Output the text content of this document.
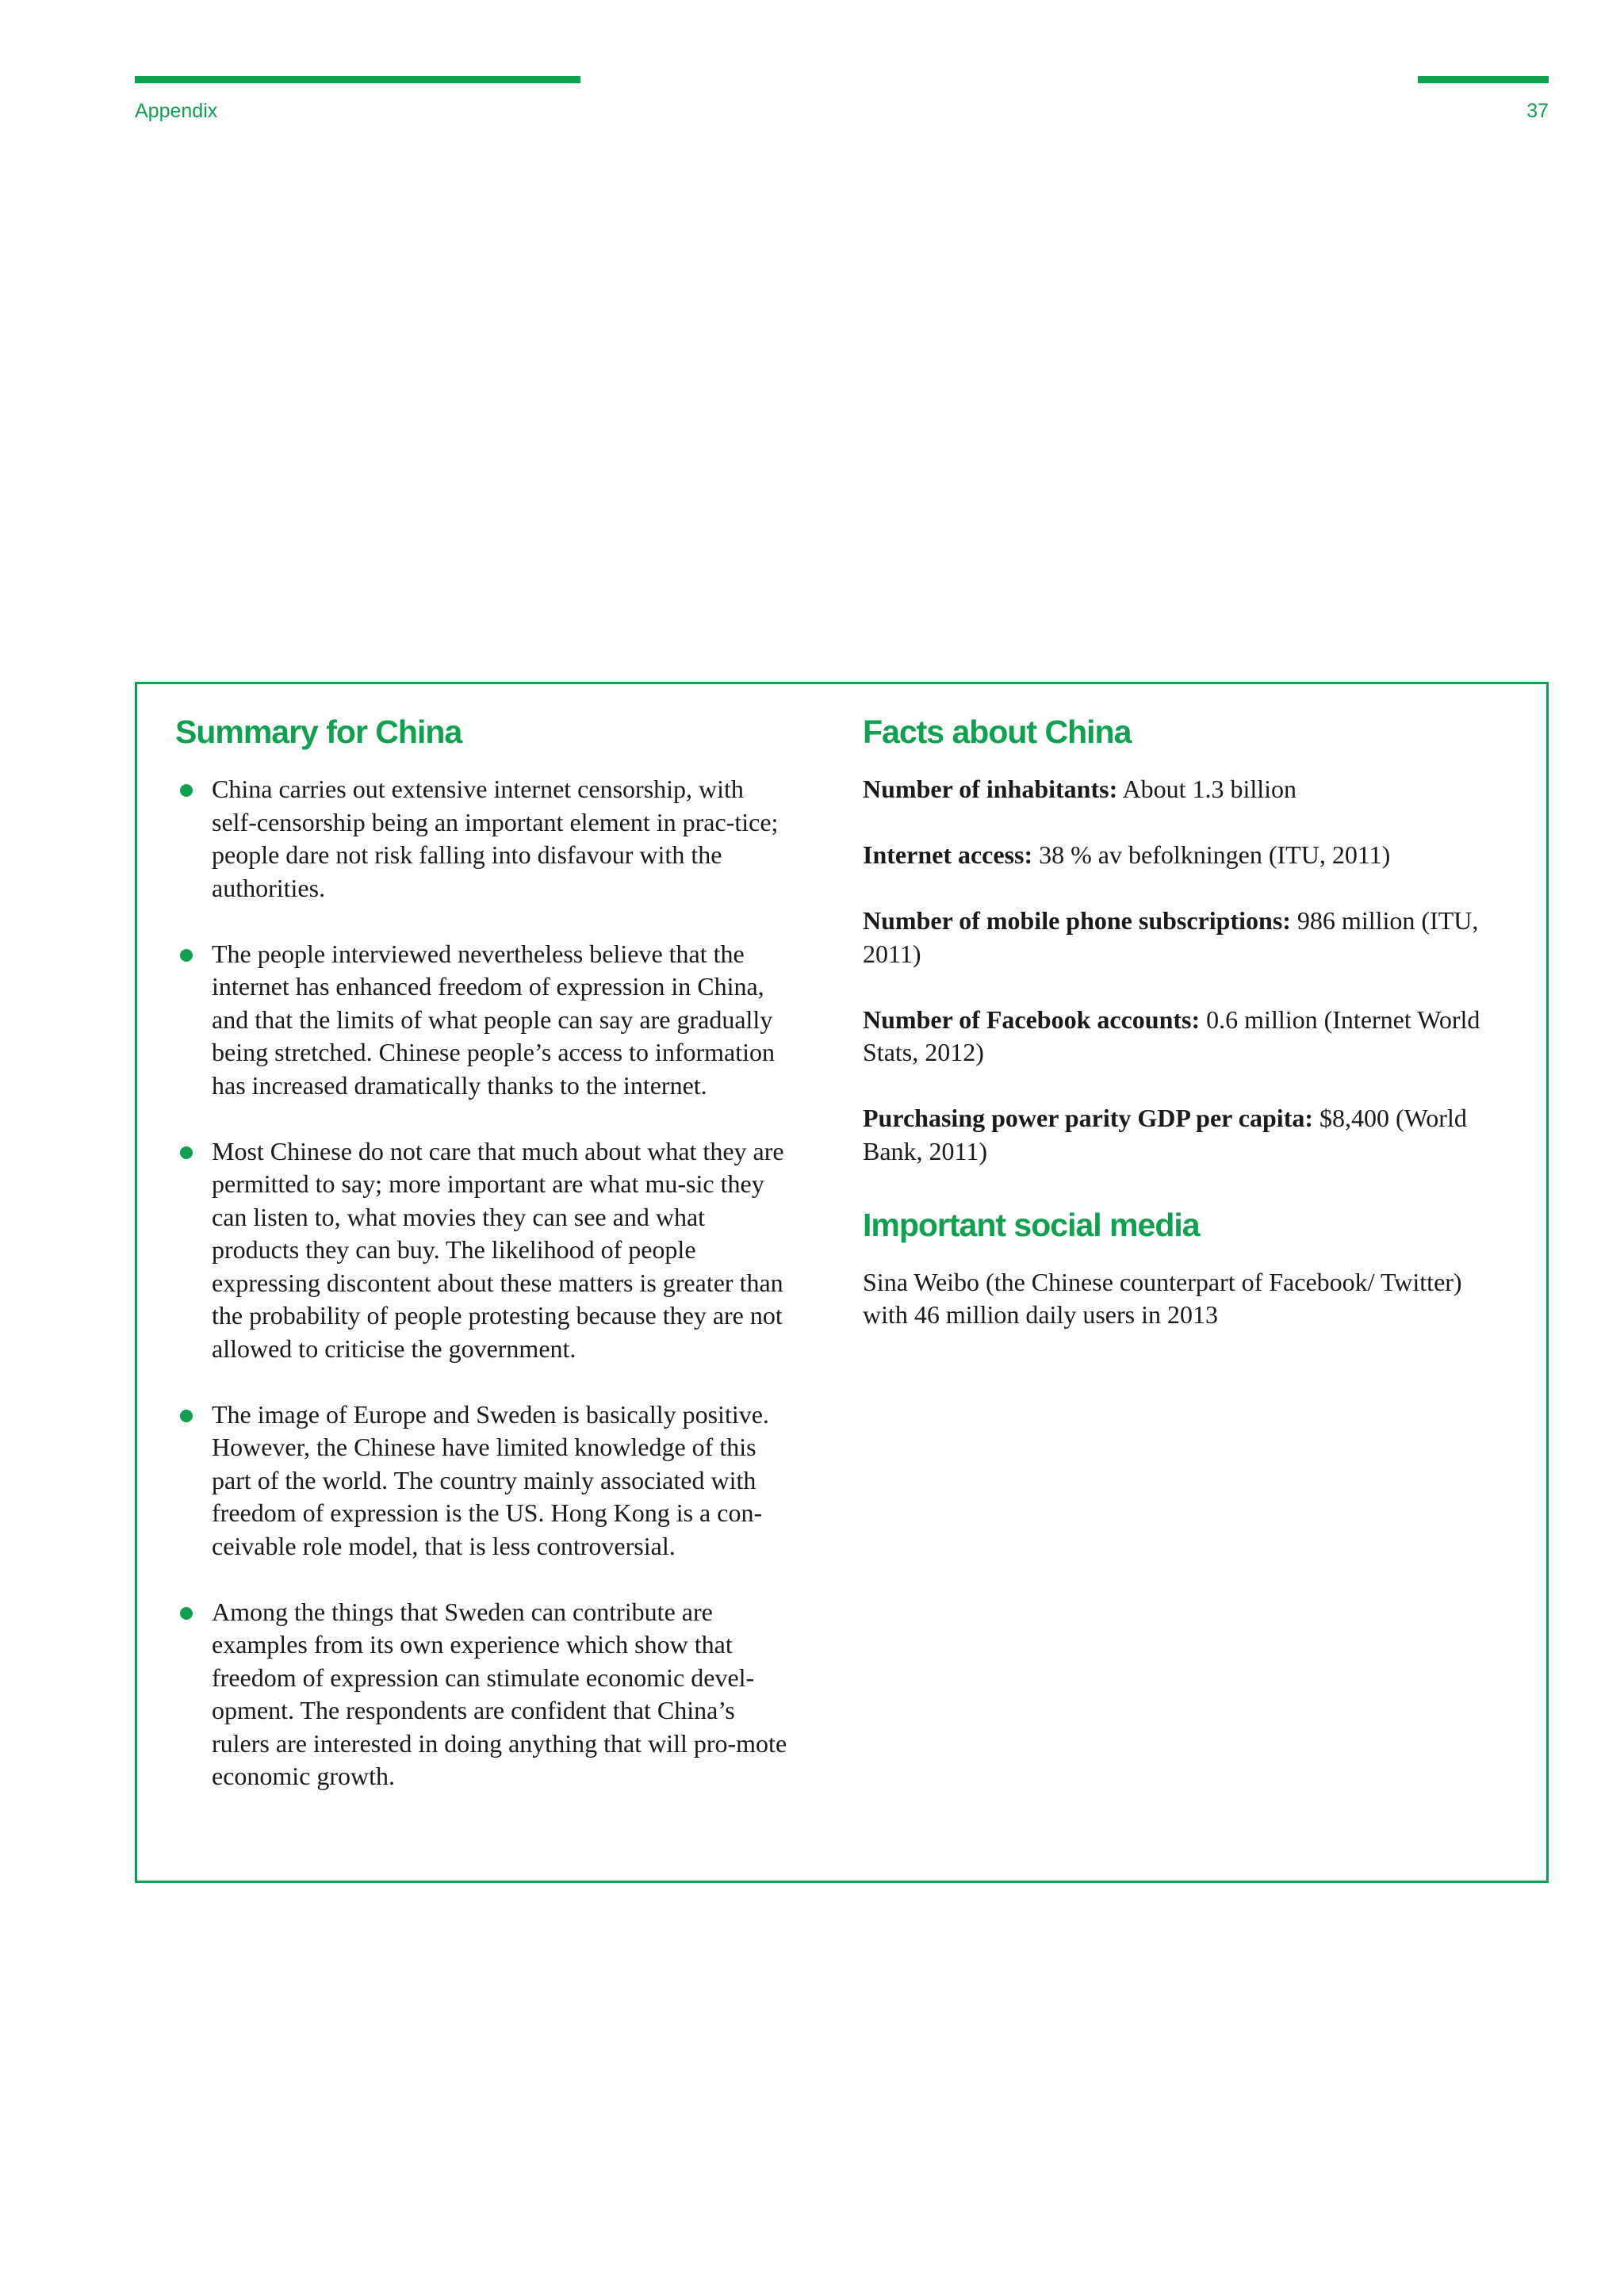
Appendix	37
Summary for China
China carries out extensive internet censorship, with self-censorship being an important element in prac-tice; people dare not risk falling into disfavour with the authorities.
The people interviewed nevertheless believe that the internet has enhanced freedom of expression in China, and that the limits of what people can say are gradually being stretched. Chinese people’s access to information has increased dramatically thanks to the internet.
Most Chinese do not care that much about what they are permitted to say; more important are what mu-sic they can listen to, what movies they can see and what products they can buy. The likelihood of people expressing discontent about these matters is greater than the probability of people protesting because they are not allowed to criticise the government.
The image of Europe and Sweden is basically positive. However, the Chinese have limited knowledge of this part of the world. The country mainly associated with freedom of expression is the US. Hong Kong is a con-ceivable role model, that is less controversial.
Among the things that Sweden can contribute are examples from its own experience which show that freedom of expression can stimulate economic devel-opment. The respondents are confident that China’s rulers are interested in doing anything that will pro-mote economic growth.
Facts about China

Number of inhabitants: About 1.3 billion

Internet access: 38 % av befolkningen (ITU, 2011)

Number of mobile phone subscriptions: 986 million (ITU, 2011)

Number of Facebook accounts: 0.6 million (Internet World Stats, 2012)

Purchasing power parity GDP per capita: $8,400 (World Bank, 2011)

Important social media

Sina Weibo (the Chinese counterpart of Facebook/ Twitter) with 46 million daily users in 2013
